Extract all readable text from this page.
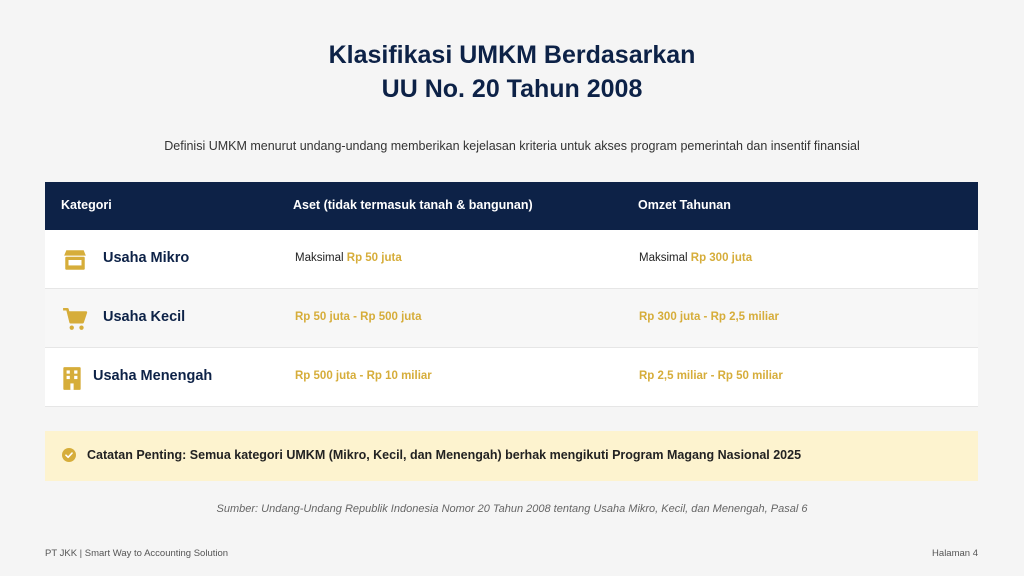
Klasifikasi UMKM Berdasarkan
UU No. 20 Tahun 2008
Definisi UMKM menurut undang-undang memberikan kejelasan kriteria untuk akses program pemerintah dan insentif finansial
Kategori	Aset (tidak termasuk tanah & bangunan)	Omzet Tahunan
Usaha Mikro	Maksimal Rp 50 juta	Maksimal Rp 300 juta
Usaha Kecil	Rp 50 juta - Rp 500 juta	Rp 300 juta - Rp 2,5 miliar
Usaha Menengah	Rp 500 juta - Rp 10 miliar	Rp 2,5 miliar - Rp 50 miliar
Catatan Penting: Semua kategori UMKM (Mikro, Kecil, dan Menengah) berhak mengikuti Program Magang Nasional 2025
Sumber: Undang-Undang Republik Indonesia Nomor 20 Tahun 2008 tentang Usaha Mikro, Kecil, dan Menengah, Pasal 6
PT JKK | Smart Way to Accounting Solution	Halaman 4
